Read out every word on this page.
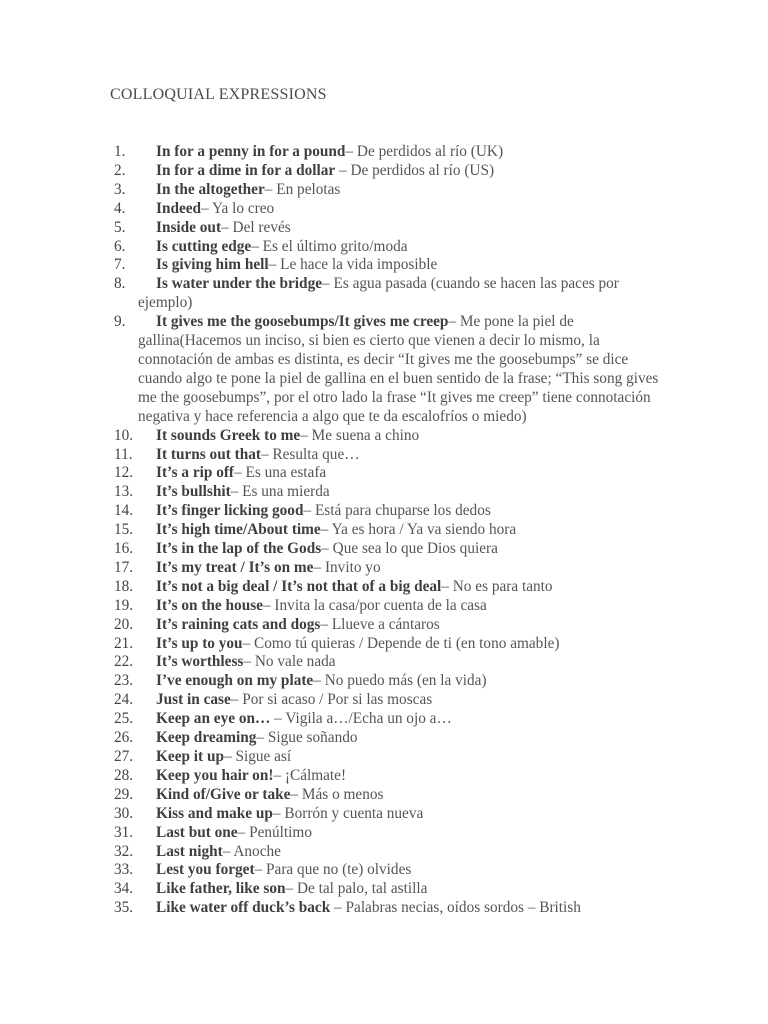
COLLOQUIAL EXPRESSIONS
1. In for a penny in for a pound– De perdidos al río (UK)
2. In for a dime in for a dollar – De perdidos al río (US)
3. In the altogether– En pelotas
4. Indeed– Ya lo creo
5. Inside out– Del revés
6. Is cutting edge– Es el último grito/moda
7. Is giving him hell– Le hace la vida imposible
8. Is water under the bridge– Es agua pasada (cuando se hacen las paces por ejemplo)
9. It gives me the goosebumps/It gives me creep– Me pone la piel de gallina(Hacemos un inciso, si bien es cierto que vienen a decir lo mismo, la connotación de ambas es distinta, es decir “It gives me the goosebumps” se dice cuando algo te pone la piel de gallina en el buen sentido de la frase; “This song gives me the goosebumps”, por el otro lado la frase “It gives me creep” tiene connotación negativa y hace referencia a algo que te da escalofríos o miedo)
10. It sounds Greek to me– Me suena a chino
11. It turns out that– Resulta que…
12. It’s a rip off– Es una estafa
13. It’s bullshit– Es una mierda
14. It’s finger licking good– Está para chuparse los dedos
15. It’s high time/About time– Ya es hora / Ya va siendo hora
16. It’s in the lap of the Gods– Que sea lo que Dios quiera
17. It’s my treat / It’s on me– Invito yo
18. It’s not a big deal / It’s not that of a big deal– No es para tanto
19. It’s on the house– Invita la casa/por cuenta de la casa
20. It’s raining cats and dogs– Llueve a cántaros
21. It’s up to you– Como tú quieras / Depende de ti (en tono amable)
22. It’s worthless– No vale nada
23. I’ve enough on my plate– No puedo más (en la vida)
24. Just in case– Por si acaso / Por si las moscas
25. Keep an eye on… – Vigila a…/Echa un ojo a…
26. Keep dreaming– Sigue soñando
27. Keep it up– Sigue así
28. Keep you hair on!– ¡Cálmate!
29. Kind of/Give or take– Más o menos
30. Kiss and make up– Borrón y cuenta nueva
31. Last but one– Penúltimo
32. Last night– Anoche
33. Lest you forget– Para que no (te) olvides
34. Like father, like son– De tal palo, tal astilla
35. Like water off duck’s back – Palabras necias, oídos sordos – British
